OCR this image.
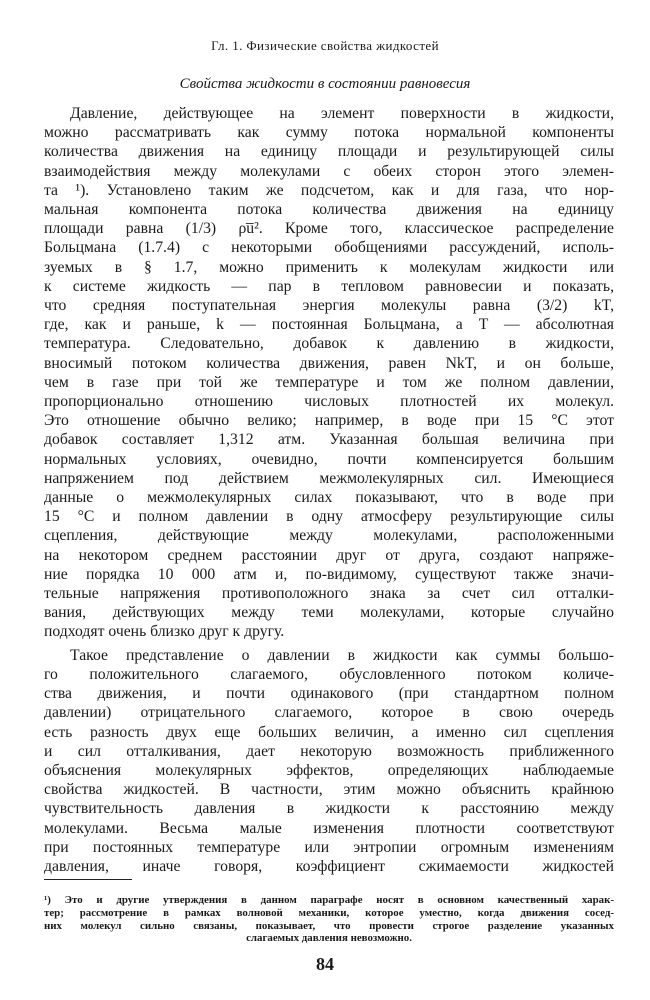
Гл. 1. Физические свойства жидкостей
Свойства жидкости в состоянии равновесия
Давление, действующее на элемент поверхности в жидкости,
можно рассматривать как сумму потока нормальной компоненты
количества движения на единицу площади и результирующей силы
взаимодействия между молекулами с обеих сторон этого элемен-
та ¹). Установлено таким же подсчетом, как и для газа, что нор-
мальная компонента потока количества движения на единицу
площади равна (1/3) ρu̅². Кроме того, классическое распределение
Больцмана (1.7.4) с некоторыми обобщениями рассуждений, исполь-
зуемых в § 1.7, можно применить к молекулам жидкости или
к системе жидкость — пар в тепловом равновесии и показать,
что средняя поступательная энергия молекулы равна (3/2) kT,
где, как и раньше, k — постоянная Больцмана, а T — абсолютная
температура. Следовательно, добавок к давлению в жидкости,
вносимый потоком количества движения, равен NkT, и он больше,
чем в газе при той же температуре и том же полном давлении,
пропорционально отношению числовых плотностей их молекул.
Это отношение обычно велико; например, в воде при 15 °С этот
добавок составляет 1,312 атм. Указанная большая величина при
нормальных условиях, очевидно, почти компенсируется большим
напряжением под действием межмолекулярных сил. Имеющиеся
данные о межмолекулярных силах показывают, что в воде при
15 °С и полном давлении в одну атмосферу результирующие силы
сцепления, действующие между молекулами, расположенными
на некотором среднем расстоянии друг от друга, создают напряже-
ние порядка 10 000 атм и, по-видимому, существуют также значи-
тельные напряжения противоположного знака за счет сил отталки-
вания, действующих между теми молекулами, которые случайно
подходят очень близко друг к другу.
Такое представление о давлении в жидкости как суммы большо-
го положительного слагаемого, обусловленного потоком количе-
ства движения, и почти одинакового (при стандартном полном
давлении) отрицательного слагаемого, которое в свою очередь
есть разность двух еще больших величин, а именно сил сцепления
и сил отталкивания, дает некоторую возможность приближенного
объяснения молекулярных эффектов, определяющих наблюдаемые
свойства жидкостей. В частности, этим можно объяснить крайнюю
чувствительность давления в жидкости к расстоянию между
молекулами. Весьма малые изменения плотности соответствуют
при постоянных температуре или энтропии огромным изменениям
давления, иначе говоря, коэффициент сжимаемости жидкостей
¹) Это и другие утверждения в данном параграфе носят в основном качественный харак-
тер; рассмотрение в рамках волновой механики, которое уместно, когда движения сосед-
них молекул сильно связаны, показывает, что провести строгое разделение указанных
слагаемых давления невозможно.
84
